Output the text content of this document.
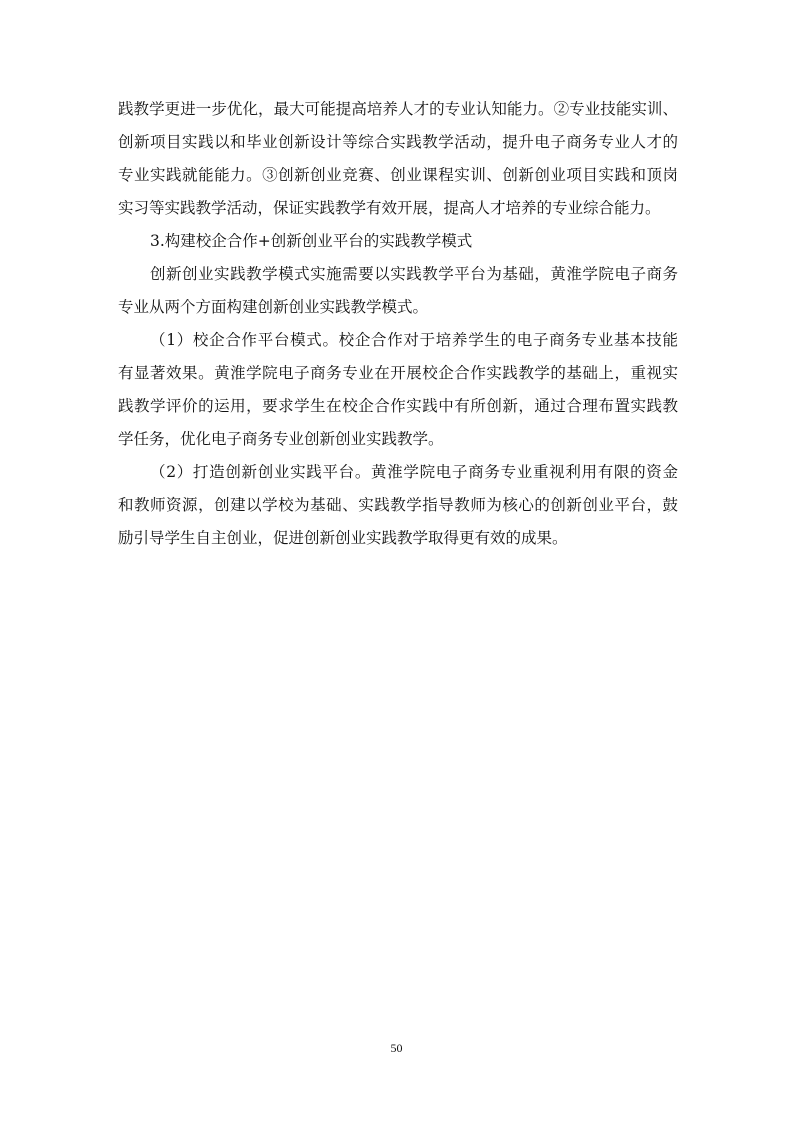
践教学更进一步优化，最大可能提高培养人才的专业认知能力。②专业技能实训、
创新项目实践以和毕业创新设计等综合实践教学活动，提升电子商务专业人才的
专业实践就能能力。③创新创业竞赛、创业课程实训、创新创业项目实践和顶岗
实习等实践教学活动，保证实践教学有效开展，提高人才培养的专业综合能力。
3.构建校企合作+创新创业平台的实践教学模式
创新创业实践教学模式实施需要以实践教学平台为基础，黄淮学院电子商务
专业从两个方面构建创新创业实践教学模式。
（1）校企合作平台模式。校企合作对于培养学生的电子商务专业基本技能
有显著效果。黄淮学院电子商务专业在开展校企合作实践教学的基础上，重视实
践教学评价的运用，要求学生在校企合作实践中有所创新，通过合理布置实践教
学任务，优化电子商务专业创新创业实践教学。
（2）打造创新创业实践平台。黄淮学院电子商务专业重视利用有限的资金
和教师资源，创建以学校为基础、实践教学指导教师为核心的创新创业平台，鼓
励引导学生自主创业，促进创新创业实践教学取得更有效的成果。
50
